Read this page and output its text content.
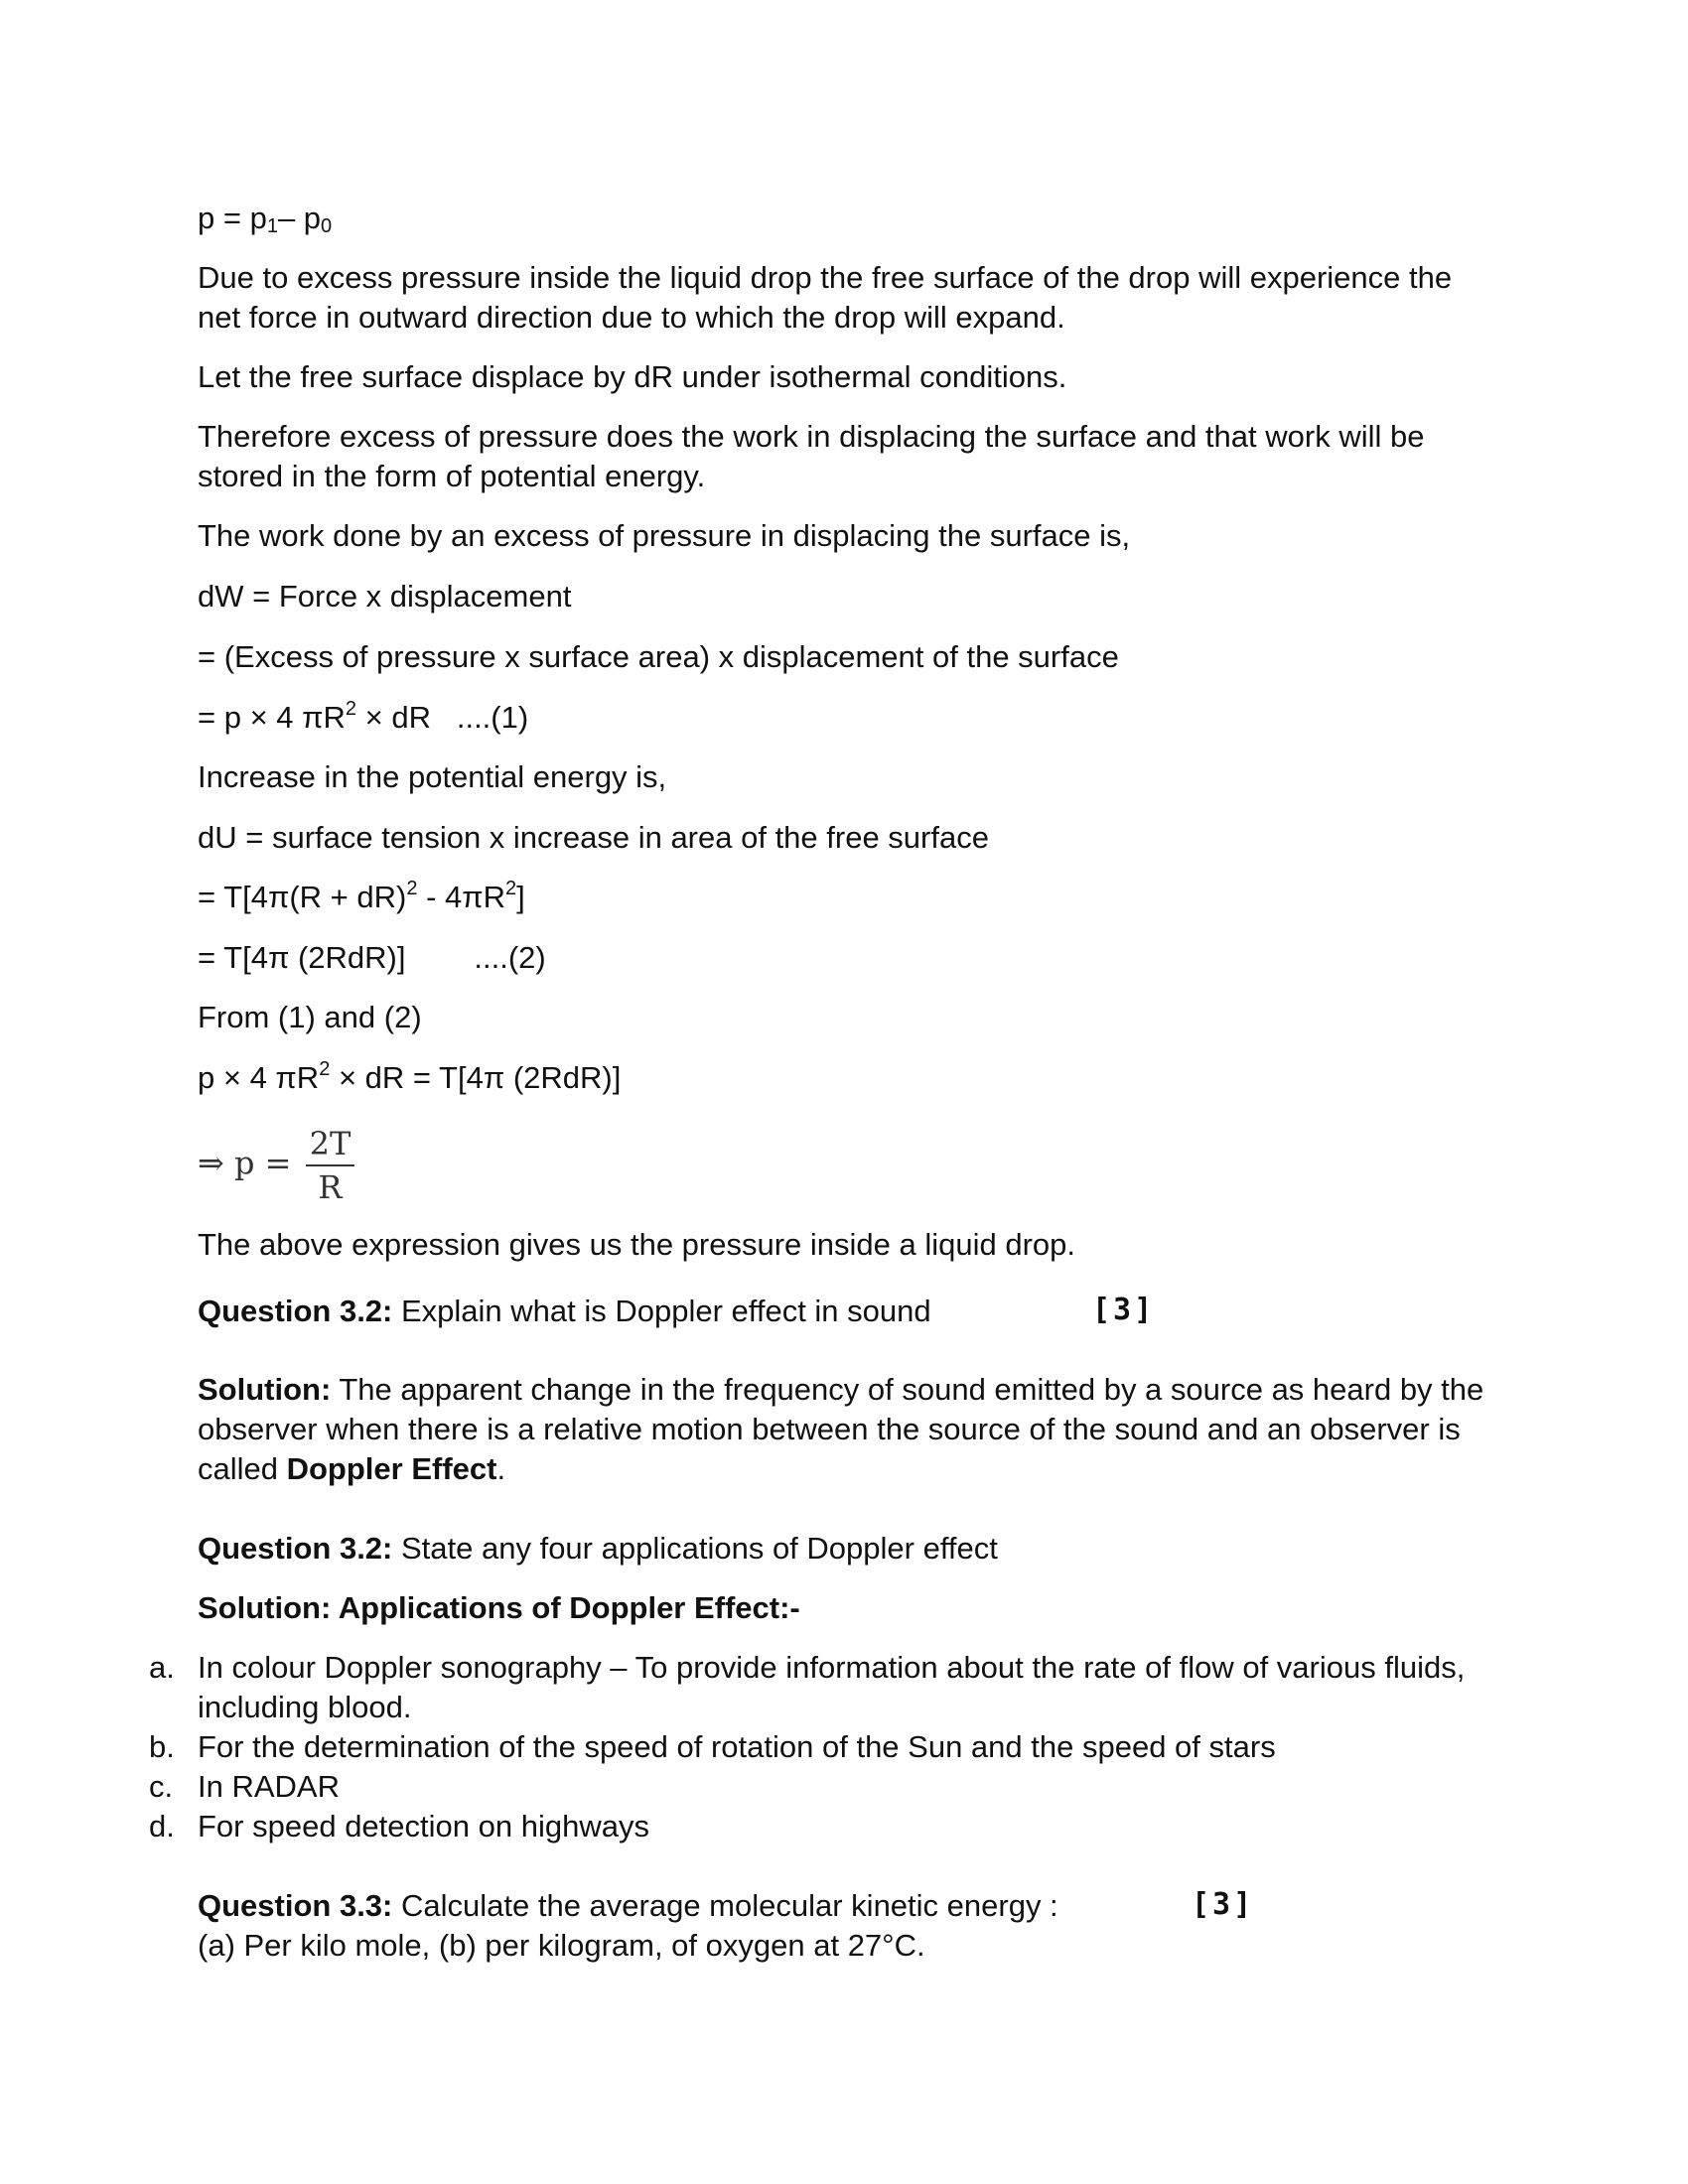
$p = p_1-$ $p_0$
Due to excess pressure inside the liquid drop the free surface of the drop will experience the net force in outward direction due to which the drop will expand.
Let the free surface displace by dR under isothermal conditions.
Therefore excess of pressure does the work in displacing the surface and that work will be stored in the form of potential energy.
The work done by an excess of pressure in displacing the surface is,
dW = Force x displacement
= (Excess of pressure x surface area) x displacement of the surface
= p × 4 $\pi R^2$ × dR   ....(1)
Increase in the potential energy is,
dU = surface tension x increase in area of the free surface
= $T[4\pi(R + dR)^2 - 4\pi R^2]$
= T[4π (2RdR)]        ....(2)
From (1) and (2)
p × 4 $\pi R^2$ × dR = T[4π (2RdR)]
⇒ $p = \frac{2T}{R}$
The above expression gives us the pressure inside a liquid drop.
Question 3.2: Explain what is Doppler effect in sound	[3]
Solution: The apparent change in the frequency of sound emitted by a source as heard by the observer when there is a relative motion between the source of the sound and an observer is called Doppler Effect.
Question 3.2: State any four applications of Doppler effect
Solution: Applications of Doppler Effect:-
a. In colour Doppler sonography – To provide information about the rate of flow of various fluids, including blood.
b. For the determination of the speed of rotation of the Sun and the speed of stars
c. In RADAR
d. For speed detection on highways
Question 3.3: Calculate the average molecular kinetic energy :	[3]
(a) Per kilo mole, (b) per kilogram, of oxygen at 27°C.
